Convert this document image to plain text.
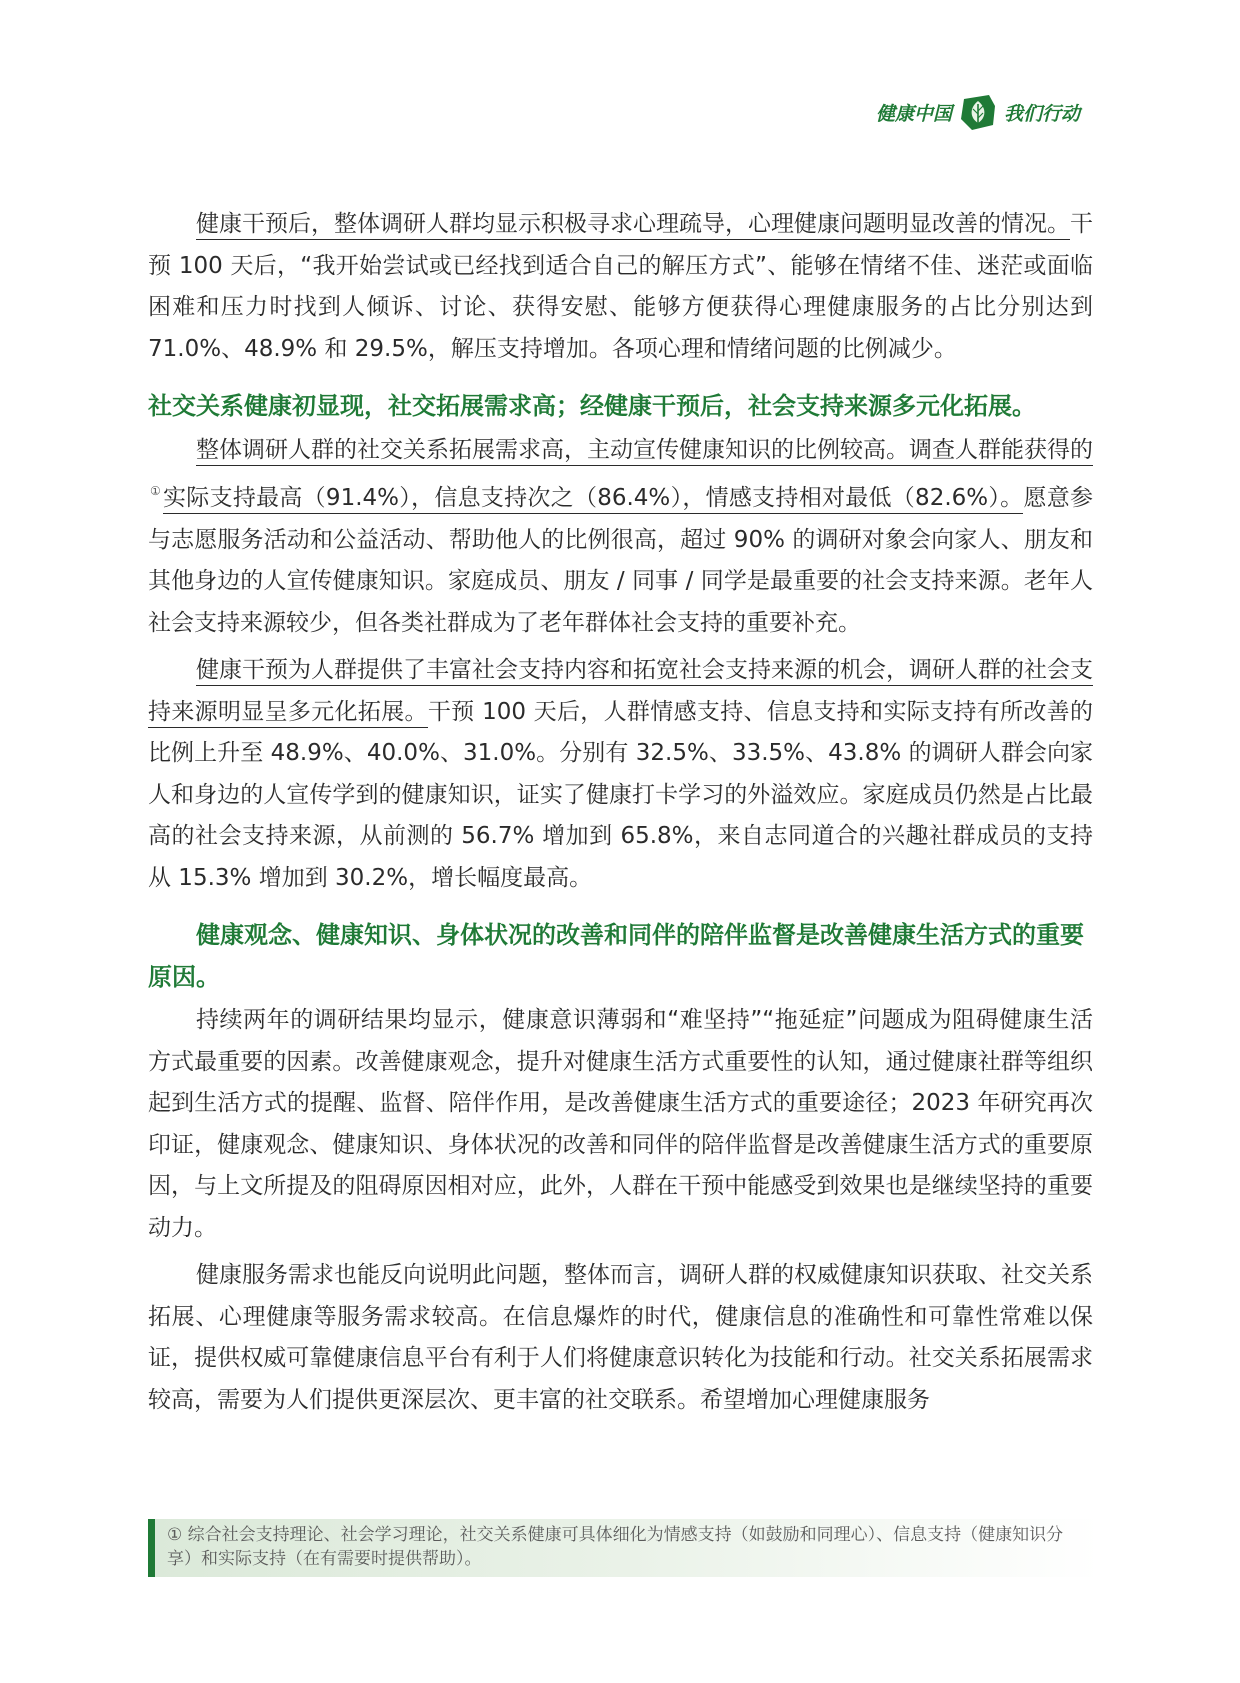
健康中国	我们行动

健康干预后，整体调研人群均显示积极寻求心理疏导，心理健康问题明显改善的情况。干预 100 天后，“我开始尝试或已经找到适合自己的解压方式”、能够在情绪不佳、迷茫或面临困难和压力时找到人倾诉、讨论、获得安慰、能够方便获得心理健康服务的占比分别达到 71.0%、48.9% 和 29.5%，解压支持增加。各项心理和情绪问题的比例减少。

社交关系健康初显现，社交拓展需求高；经健康干预后，社会支持来源多元化拓展。

整体调研人群的社交关系拓展需求高，主动宣传健康知识的比例较高。调查人群能获得的①实际支持最高（91.4%），信息支持次之（86.4%），情感支持相对最低（82.6%）。愿意参与志愿服务活动和公益活动、帮助他人的比例很高，超过 90% 的调研对象会向家人、朋友和其他身边的人宣传健康知识。家庭成员、朋友 / 同事 / 同学是最重要的社会支持来源。老年人社会支持来源较少，但各类社群成为了老年群体社会支持的重要补充。

健康干预为人群提供了丰富社会支持内容和拓宽社会支持来源的机会，调研人群的社会支持来源明显呈多元化拓展。干预 100 天后，人群情感支持、信息支持和实际支持有所改善的比例上升至 48.9%、40.0%、31.0%。分别有 32.5%、33.5%、43.8% 的调研人群会向家人和身边的人宣传学到的健康知识，证实了健康打卡学习的外溢效应。家庭成员仍然是占比最高的社会支持来源，从前测的 56.7% 增加到 65.8%，来自志同道合的兴趣社群成员的支持从 15.3% 增加到 30.2%，增长幅度最高。

健康观念、健康知识、身体状况的改善和同伴的陪伴监督是改善健康生活方式的重要原因。

持续两年的调研结果均显示，健康意识薄弱和“难坚持”“拖延症”问题成为阻碍健康生活方式最重要的因素。改善健康观念，提升对健康生活方式重要性的认知，通过健康社群等组织起到生活方式的提醒、监督、陪伴作用，是改善健康生活方式的重要途径；2023 年研究再次印证，健康观念、健康知识、身体状况的改善和同伴的陪伴监督是改善健康生活方式的重要原因，与上文所提及的阻碍原因相对应，此外，人群在干预中能感受到效果也是继续坚持的重要动力。

健康服务需求也能反向说明此问题，整体而言，调研人群的权威健康知识获取、社交关系拓展、心理健康等服务需求较高。在信息爆炸的时代，健康信息的准确性和可靠性常难以保证，提供权威可靠健康信息平台有利于人们将健康意识转化为技能和行动。社交关系拓展需求较高，需要为人们提供更深层次、更丰富的社交联系。希望增加心理健康服务

① 综合社会支持理论、社会学习理论，社交关系健康可具体细化为情感支持（如鼓励和同理心）、信息支持（健康知识分享）和实际支持（在有需要时提供帮助）。
